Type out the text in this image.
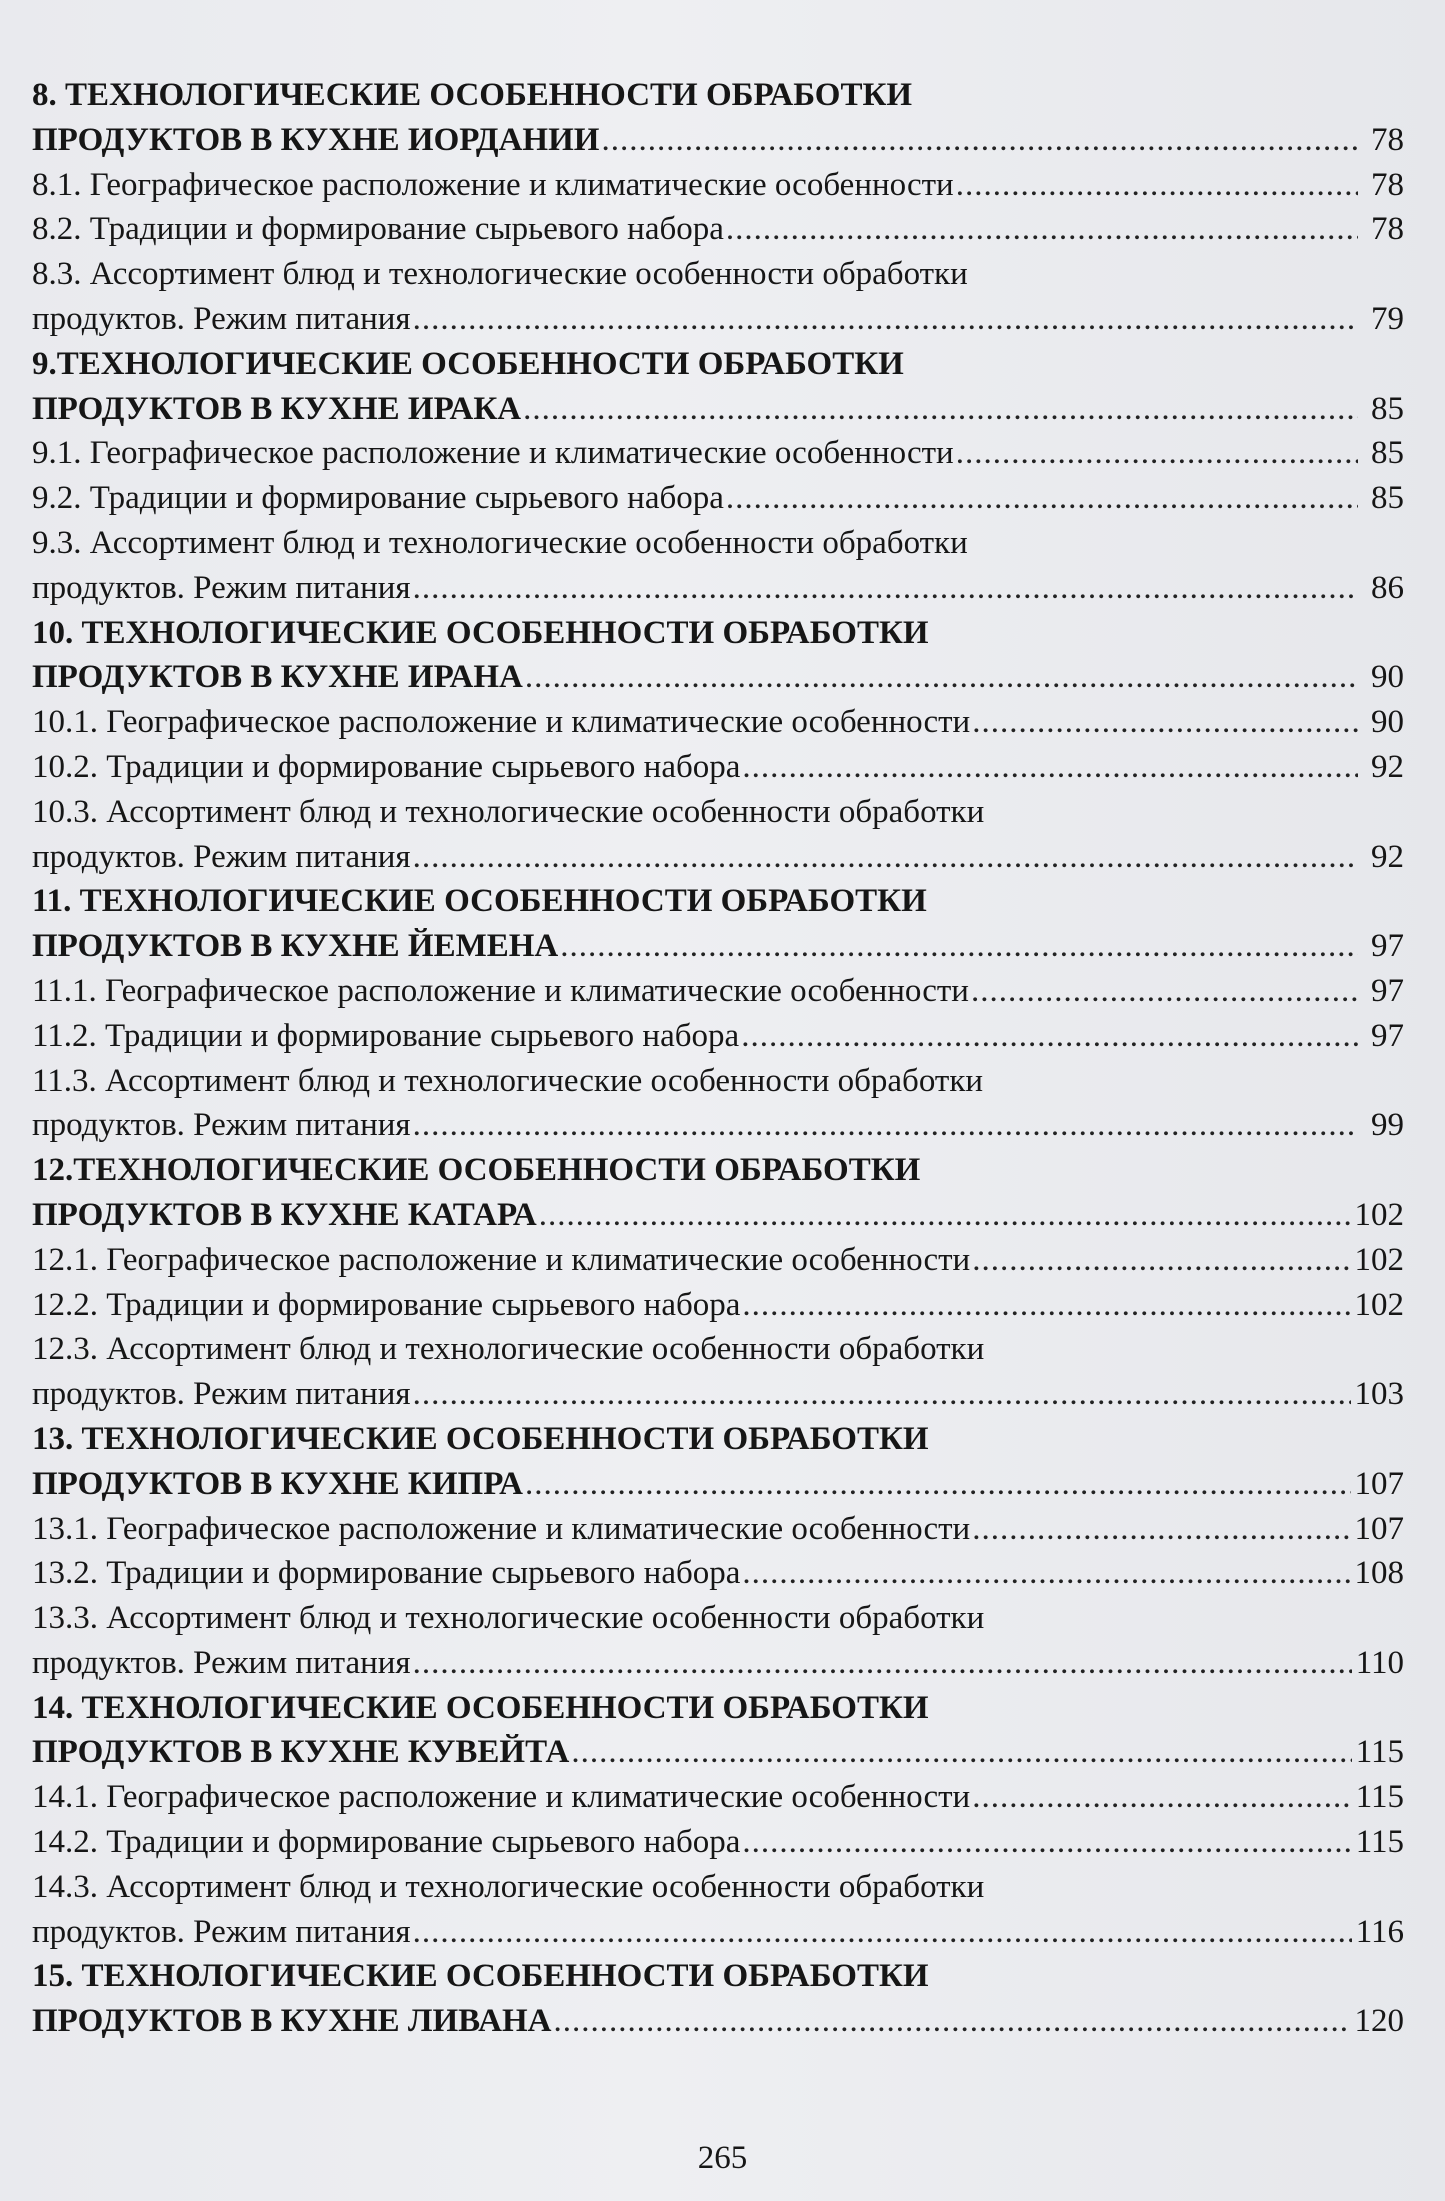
8. ТЕХНОЛОГИЧЕСКИЕ ОСОБЕННОСТИ ОБРАБОТКИ
ПРОДУКТОВ В КУХНЕ ИОРДАНИИ .....	78
8.1. Географическое расположение и климатические особенности .....	78
8.2. Традиции и формирование сырьевого набора .....	78
8.3. Ассортимент блюд и технологические особенности обработки
продуктов. Режим питания .....	79
9.ТЕХНОЛОГИЧЕСКИЕ ОСОБЕННОСТИ ОБРАБОТКИ
ПРОДУКТОВ В КУХНЕ ИРАКА .....	85
9.1. Географическое расположение и климатические особенности .....	85
9.2. Традиции и формирование сырьевого набора .....	85
9.3. Ассортимент блюд и технологические особенности обработки
продуктов. Режим питания .....	86
10. ТЕХНОЛОГИЧЕСКИЕ ОСОБЕННОСТИ ОБРАБОТКИ
ПРОДУКТОВ В КУХНЕ ИРАНА .....	90
10.1. Географическое расположение и климатические особенности .....	90
10.2. Традиции и формирование сырьевого набора .....	92
10.3. Ассортимент блюд и технологические особенности обработки
продуктов. Режим питания .....	92
11. ТЕХНОЛОГИЧЕСКИЕ ОСОБЕННОСТИ ОБРАБОТКИ
ПРОДУКТОВ В КУХНЕ ЙЕМЕНА .....	97
11.1. Географическое расположение и климатические особенности .....	97
11.2. Традиции и формирование сырьевого набора .....	97
11.3. Ассортимент блюд и технологические особенности обработки
продуктов. Режим питания .....	99
12.ТЕХНОЛОГИЧЕСКИЕ ОСОБЕННОСТИ ОБРАБОТКИ
ПРОДУКТОВ В КУХНЕ КАТАРА .....	102
12.1. Географическое расположение и климатические особенности .....	102
12.2. Традиции и формирование сырьевого набора .....	102
12.3. Ассортимент блюд и технологические особенности обработки
продуктов. Режим питания .....	103
13. ТЕХНОЛОГИЧЕСКИЕ ОСОБЕННОСТИ ОБРАБОТКИ
ПРОДУКТОВ В КУХНЕ КИПРА .....	107
13.1. Географическое расположение и климатические особенности .....	107
13.2. Традиции и формирование сырьевого набора .....	108
13.3. Ассортимент блюд и технологические особенности обработки
продуктов. Режим питания .....	110
14. ТЕХНОЛОГИЧЕСКИЕ ОСОБЕННОСТИ ОБРАБОТКИ
ПРОДУКТОВ В КУХНЕ КУВЕЙТА .....	115
14.1. Географическое расположение и климатические особенности .....	115
14.2. Традиции и формирование сырьевого набора .....	115
14.3. Ассортимент блюд и технологические особенности обработки
продуктов. Режим питания .....	116
15. ТЕХНОЛОГИЧЕСКИЕ ОСОБЕННОСТИ ОБРАБОТКИ
ПРОДУКТОВ В КУХНЕ ЛИВАНА .....	120
265
